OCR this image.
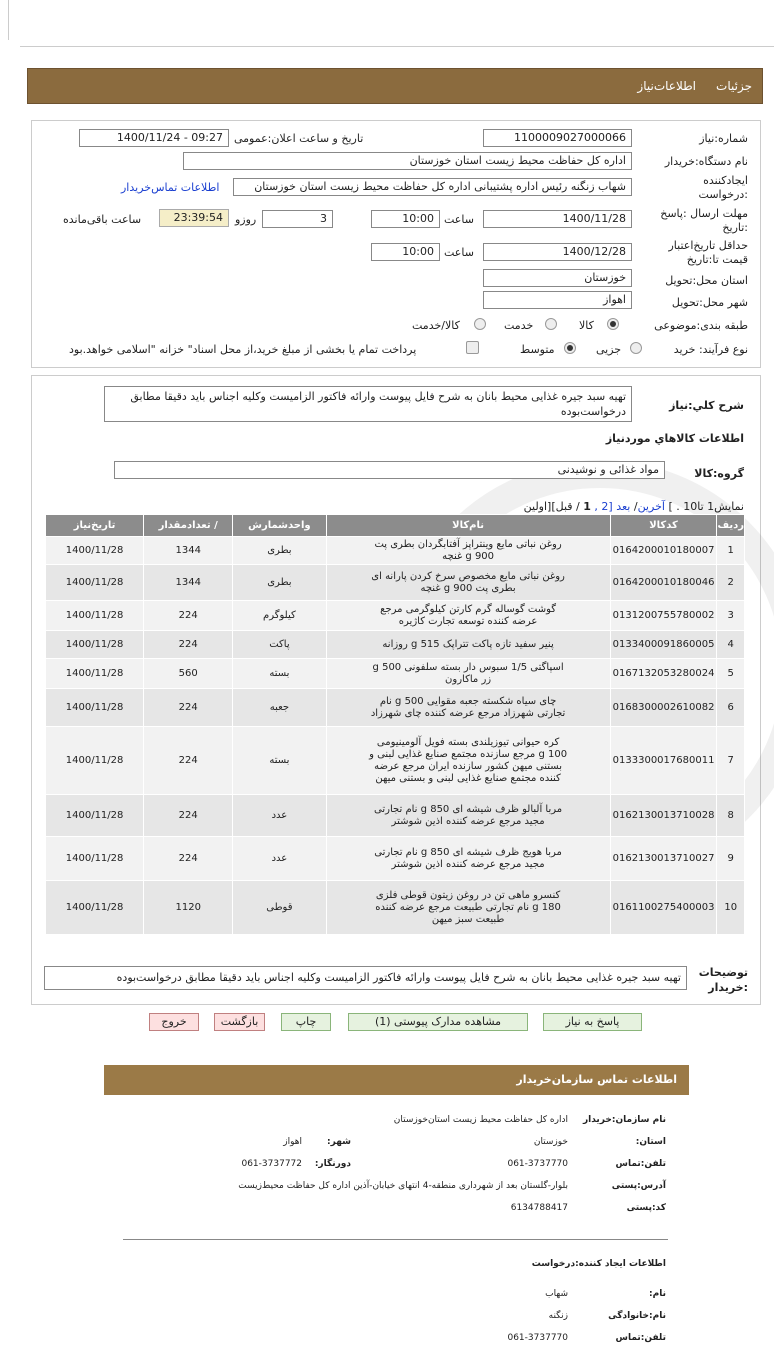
جزئیات
اطلاعات‌نیاز
شماره:نیاز
1100009027000066
تاریخ و ساعت اعلان:عمومی
1400/11/24 - 09:27
نام دستگاه:خریدار
اداره کل حفاظت محیط زیست استان خوزستان
ایجادکننده
:درخواست
شهاب زنگنه رئیس اداره پشتیبانی اداره کل حفاظت محیط زیست استان خوزستان
اطلاعات تماس‌خریدار
مهلت ارسال :پاسخ
:تاریخ
1400/11/28
ساعت
10:00
3
روزو
23:39:54
ساعت باقی‌مانده
حداقل تاریخ‌اعتبار
قیمت تا:تاریخ
1400/12/28
ساعت
10:00
استان محل:تحویل
خوزستان
شهر محل:تحویل
اهواز
طبقه بندی:موضوعی
کالا
خدمت
کالا/خدمت
نوع فرآیند: خرید
جزیی
متوسط
پرداخت تمام یا بخشی از مبلغ خرید،از محل اسناد" خزانه "اسلامی خواهد.بود
شرح کلي:نياز
تهیه سبد جیره غذایی محیط بانان به شرح فایل پیوست وارائه فاکتور الزامیست وکلیه اجناس باید دقیقا مطابق درخواست‌بوده
اطلاعات کالاهاي موردنياز
گروه:کالا
مواد غذائی و نوشیدنی
نمایش1 تا10 . ] آخرین/ بعد [2 , 1 / قبل][اولین
ردیف	کدکالا	نام‌کالا	واحدشمارش	/ تعدادمقدار	تاریخ‌نیاز
1	0164200010180007	روغن نباتی مایع وینتراپز آفتابگردان بطری پت 900 g غنچه	بطری	1344	1400/11/28
2	0164200010180046	روغن نباتی مایع مخصوص سرخ کردن پارانه ای بطری پت 900 g غنچه	بطری	1344	1400/11/28
3	0131200755780002	گوشت گوساله گرم کارتن کیلوگرمی مرجع عرضه کننده توسعه تجارت کاژیره	کیلوگرم	224	1400/11/28
4	0133400091860005	پنیر سفید تازه پاکت تتراپک 515 g روزانه	پاکت	224	1400/11/28
5	0167132053280024	اسپاگتی 1/5 سبوس دار بسته سلفونی 500 g زر ماکارون	بسته	560	1400/11/28
6	0168300002610082	چای سیاه شکسته جعبه مقوایی 500 g نام تجارتی شهرزاد مرجع عرضه کننده چای شهرزاد	جعبه	224	1400/11/28
7	0133300017680011	کره حیوانی تیوزیلندی بسته فویل آلومینیومی 100 g مرجع سازنده مجتمع صنایع غذایی لبنی و بستنی میهن کشور سازنده ایران مرجع عرضه کننده مجتمع صنایع غذایی لبنی و بستنی میهن	بسته	224	1400/11/28
8	0162130013710028	مربا آلبالو ظرف شیشه ای 850 g نام تجارتی مجید مرجع عرضه کننده اذین شوشتر	عدد	224	1400/11/28
9	0162130013710027	مربا هویج ظرف شیشه ای 850 g نام تجارتی مجید مرجع عرضه کننده اذین شوشتر	عدد	224	1400/11/28
10	0161100275400003	کنسرو ماهی تن در روغن زیتون قوطی فلزی 180 g نام تجارتی طبیعت مرجع عرضه کننده طبیعت سبز میهن	قوطی	1120	1400/11/28
توضیحات
:خریدار
تهیه سبد جیره غذایی محیط بانان به شرح فایل پیوست وارائه فاکتور الزامیست وکلیه اجناس باید دقیقا مطابق درخواست‌بوده
پاسخ به نیاز
مشاهده مدارک پیوستی (1)
چاپ
بازگشت
خروج
اطلاعات تماس سازمان‌خریدار
نام سازمان:خریدار
اداره کل حفاظت محیط زیست استان‌خوزستان
استان:
خوزستان
شهر:
اهواز
تلفن:تماس
061-3737770
دورنگار:
061-3737772
آدرس:پستی
بلوار-گلستان بعد از شهرداری منطقه-4 انتهای خیابان-آذین اداره کل حفاظت محیط‌زیست
کد:پستی
6134788417
اطلاعات ایجاد کننده:درخواست
نام:
شهاب
نام:خانوادگی
زنگنه
تلفن:تماس
061-3737770
